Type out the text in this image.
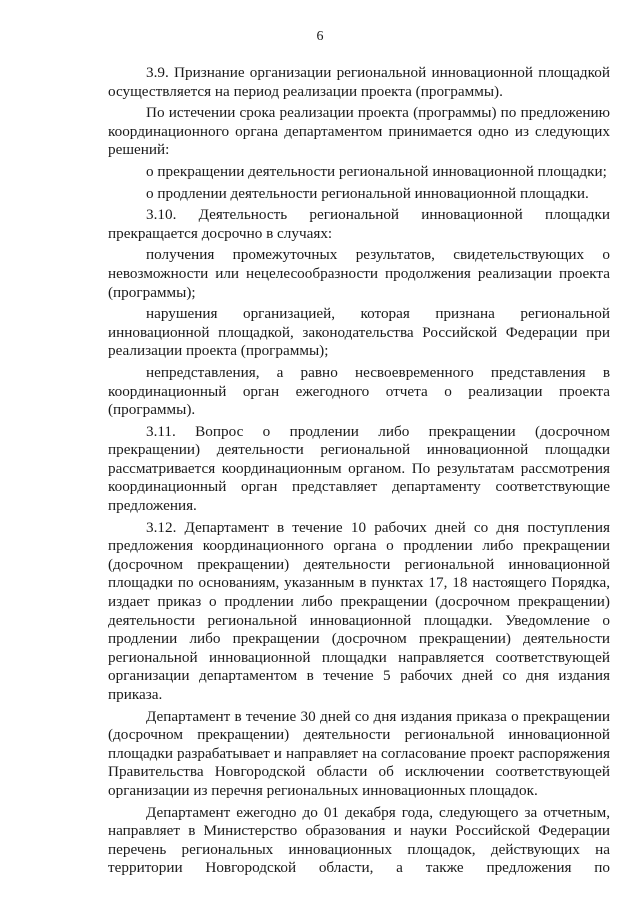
6

3.9. Признание организации региональной инновационной площадкой осуществляется на период реализации проекта (программы).

По истечении срока реализации проекта (программы) по предложению координационного органа департаментом принимается одно из следующих решений:

о прекращении деятельности региональной инновационной площадки;

о продлении деятельности региональной инновационной площадки.

3.10. Деятельность региональной инновационной площадки прекращается досрочно в случаях:

получения промежуточных результатов, свидетельствующих о невозможности или нецелесообразности продолжения реализации проекта (программы);

нарушения организацией, которая признана региональной инновационной площадкой, законодательства Российской Федерации при реализации проекта (программы);

непредставления, а равно несвоевременного представления в координационный орган ежегодного отчета о реализации проекта (программы).

3.11. Вопрос о продлении либо прекращении (досрочном прекращении) деятельности региональной инновационной площадки рассматривается координационным органом. По результатам рассмотрения координационный орган представляет департаменту соответствующие предложения.

3.12. Департамент в течение 10 рабочих дней со дня поступления предложения координационного органа о продлении либо прекращении (досрочном прекращении) деятельности региональной инновационной площадки по основаниям, указанным в пунктах 17, 18 настоящего Порядка, издает приказ о продлении либо прекращении (досрочном прекращении) деятельности региональной инновационной площадки. Уведомление о продлении либо прекращении (досрочном прекращении) деятельности региональной инновационной площадки направляется соответствующей организации департаментом в течение 5 рабочих дней со дня издания приказа.

Департамент в течение 30 дней со дня издания приказа о прекращении (досрочном прекращении) деятельности региональной инновационной площадки разрабатывает и направляет на согласование проект распоряжения Правительства Новгородской области об исключении соответствующей организации из перечня региональных инновационных площадок.

Департамент ежегодно до 01 декабря года, следующего за отчетным, направляет в Министерство образования и науки Российской Федерации перечень региональных инновационных площадок, действующих на территории Новгородской области, а также предложения по
